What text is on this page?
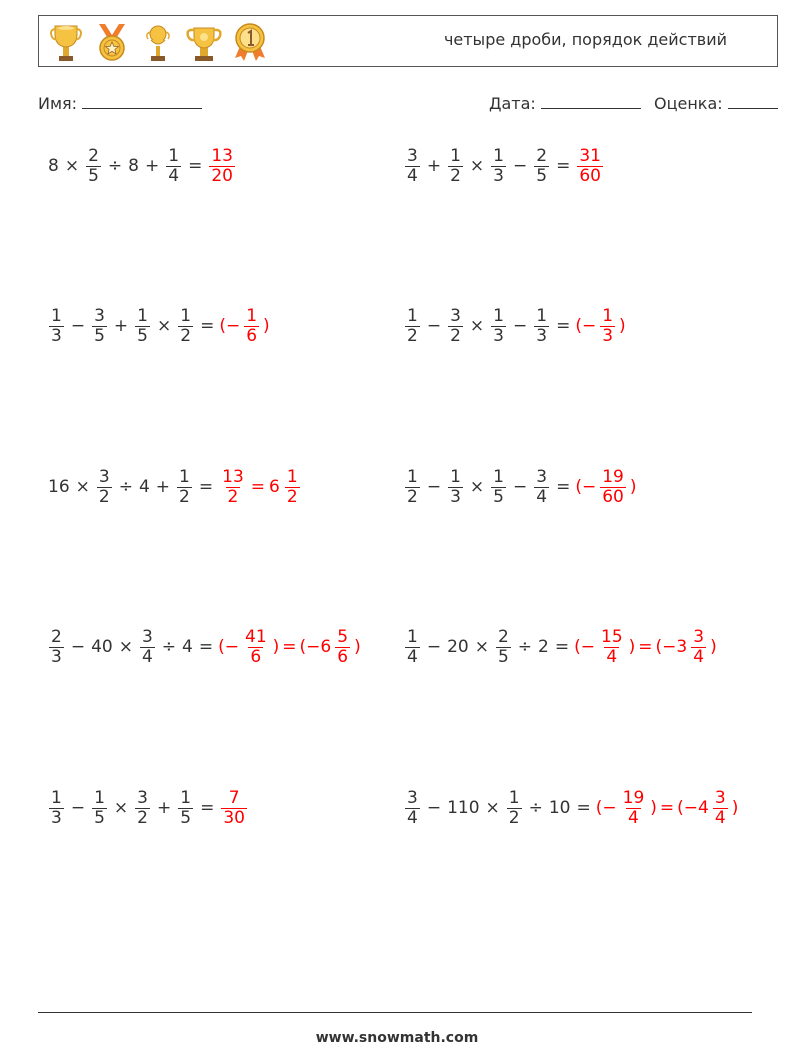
четыре дроби, порядок действий
Имя:	Дата:	Оценка:
$8 \times \frac{2}{5} \div 8 + \frac{1}{4} = \frac{13}{20}$	$\frac{3}{4} + \frac{1}{2} \times \frac{1}{3} - \frac{2}{5} = \frac{31}{60}$
$\frac{1}{3} - \frac{3}{5} + \frac{1}{5} \times \frac{1}{2}$ = (− $\frac{1}{6}$ )	$\frac{1}{2} - \frac{3}{2} \times \frac{1}{3} - \frac{1}{3}$ = (− $\frac{1}{3}$ )
$16 \times \frac{3}{2} \div 4 + \frac{1}{2} = \frac{13}{2} = 6 \frac{1}{2}$	$\frac{1}{2} - \frac{1}{3} \times \frac{1}{5} - \frac{3}{4}$ = (− $\frac{19}{60}$ )
$\frac{2}{3} - 40 \times \frac{3}{4} \div 4$ = (− $\frac{41}{6}$ ) = ($-6 \frac{5}{6}$ )	$\frac{1}{4} - 20 \times \frac{2}{5} \div 2$ = (− $\frac{15}{4}$ ) = ($-3 \frac{3}{4}$ )
$\frac{1}{3} - \frac{1}{5} \times \frac{3}{2} + \frac{1}{5} = \frac{7}{30}$	$\frac{3}{4} - 110 \times \frac{1}{2} \div 10$ = (− $\frac{19}{4}$ ) = ($-4 \frac{3}{4}$ )
www.snowmath.com
